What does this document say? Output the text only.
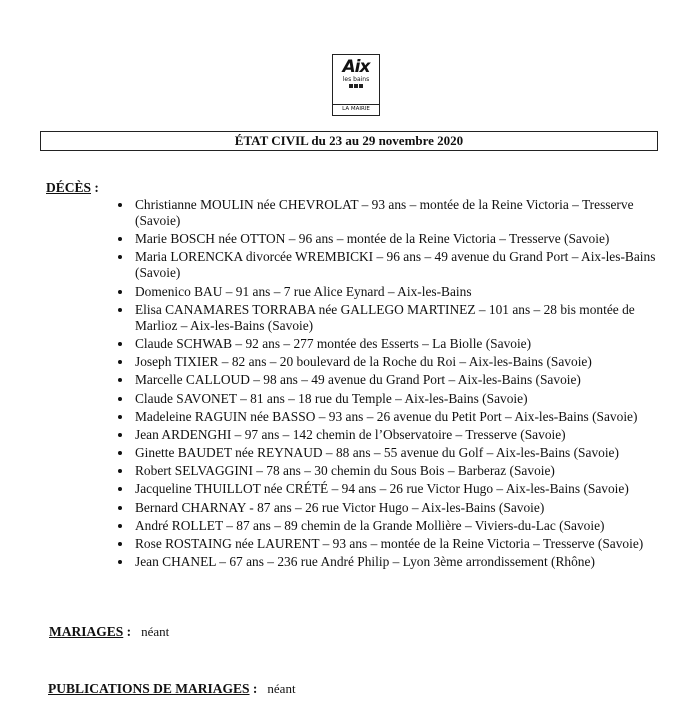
Aix
les bains
LA MAIRIE
ÉTAT CIVIL du 23 au 29 novembre 2020
DÉCÈS :
Christianne MOULIN née CHEVROLAT – 93 ans – montée de la Reine Victoria – Tresserve (Savoie)
Marie BOSCH née OTTON – 96 ans – montée de la Reine Victoria – Tresserve (Savoie)
Maria LORENCKA divorcée WREMBICKI – 96 ans – 49 avenue du Grand Port – Aix-les-Bains (Savoie)
Domenico BAU – 91 ans – 7 rue Alice Eynard – Aix-les-Bains
Elisa CANAMARES TORRABA née GALLEGO MARTINEZ – 101 ans – 28 bis montée de Marlioz – Aix-les-Bains (Savoie)
Claude SCHWAB – 92 ans – 277 montée des Esserts – La Biolle (Savoie)
Joseph TIXIER – 82 ans – 20 boulevard de la Roche du Roi – Aix-les-Bains (Savoie)
Marcelle CALLOUD – 98 ans – 49 avenue du Grand Port – Aix-les-Bains (Savoie)
Claude SAVONET – 81 ans – 18 rue du Temple – Aix-les-Bains (Savoie)
Madeleine RAGUIN née BASSO – 93 ans – 26 avenue du Petit Port – Aix-les-Bains (Savoie)
Jean ARDENGHI – 97 ans – 142 chemin de l’Observatoire – Tresserve (Savoie)
Ginette BAUDET née REYNAUD – 88 ans – 55 avenue du Golf – Aix-les-Bains (Savoie)
Robert SELVAGGINI – 78 ans – 30 chemin du Sous Bois – Barberaz (Savoie)
Jacqueline THUILLOT née CRÉTÉ – 94 ans – 26 rue Victor Hugo – Aix-les-Bains (Savoie)
Bernard CHARNAY - 87 ans – 26 rue Victor Hugo – Aix-les-Bains (Savoie)
André ROLLET – 87 ans – 89 chemin de la Grande Mollière – Viviers-du-Lac (Savoie)
Rose ROSTAING née LAURENT – 93 ans – montée de la Reine Victoria – Tresserve (Savoie)
Jean CHANEL – 67 ans – 236 rue André Philip – Lyon 3ème arrondissement (Rhône)
MARIAGES : néant
PUBLICATIONS DE MARIAGES : néant
